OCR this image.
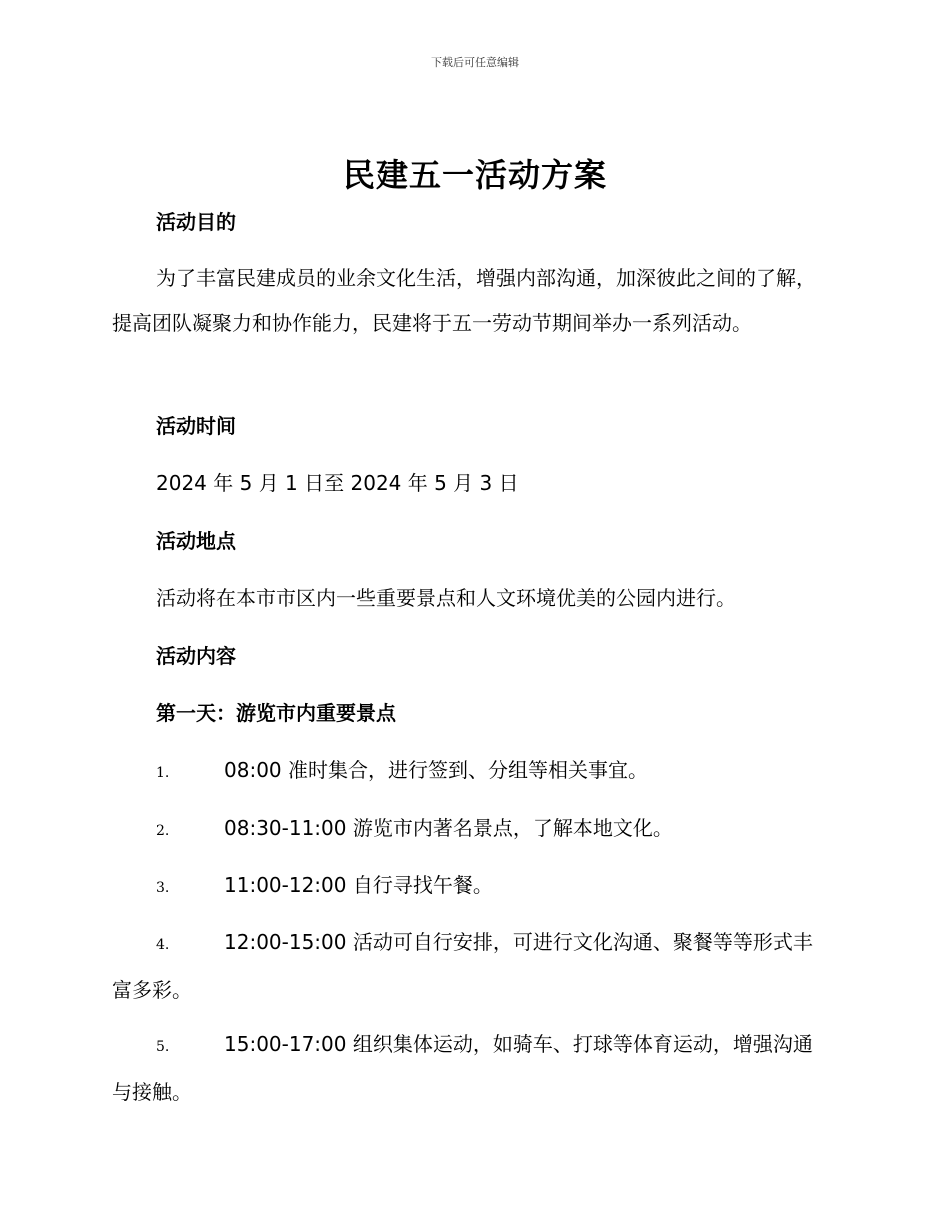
下载后可任意编辑
民建五一活动方案
活动目的
为了丰富民建成员的业余文化生活，增强内部沟通，加深彼此之间的了解，提高团队凝聚力和协作能力，民建将于五一劳动节期间举办一系列活动。
活动时间
2024 年 5 月 1 日至 2024 年 5 月 3 日
活动地点
活动将在本市市区内一些重要景点和人文环境优美的公园内进行。
活动内容
第一天：游览市内重要景点
1.	08:00 准时集合，进行签到、分组等相关事宜。
2.	08:30-11:00 游览市内著名景点，了解本地文化。
3.	11:00-12:00 自行寻找午餐。
4.	12:00-15:00 活动可自行安排，可进行文化沟通、聚餐等等形式丰富多彩。
5.	15:00-17:00 组织集体运动，如骑车、打球等体育运动，增强沟通与接触。
